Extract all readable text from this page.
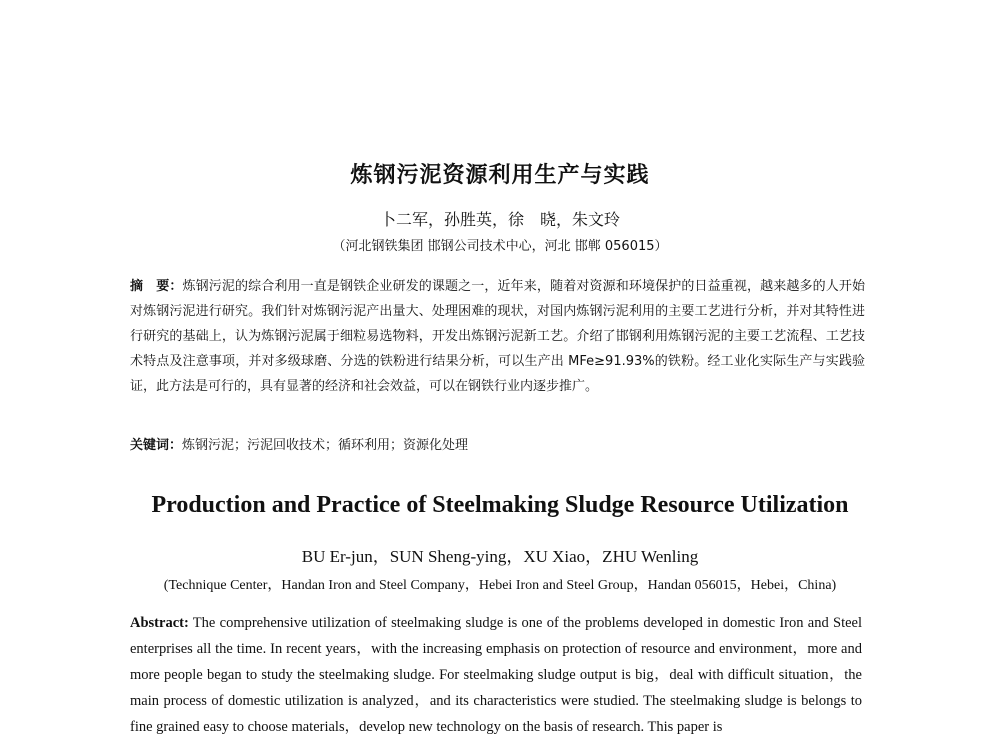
炼钢污泥资源利用生产与实践
卜二军，孙胜英，徐　晓，朱文玲
（河北钢铁集团 邯钢公司技术中心，河北 邯郸 056015）
摘　要：炼钢污泥的综合利用一直是钢铁企业研发的课题之一，近年来，随着对资源和环境保护的日益重视，越来越多的人开始对炼钢污泥进行研究。我们针对炼钢污泥产出量大、处理困难的现状，对国内炼钢污泥利用的主要工艺进行分析，并对其特性进行研究的基础上，认为炼钢污泥属于细粒易选物料，开发出炼钢污泥新工艺。介绍了邯钢利用炼钢污泥的主要工艺流程、工艺技术特点及注意事项，并对多级球磨、分选的铁粉进行结果分析，可以生产出 MFe≥91.93%的铁粉。经工业化实际生产与实践验证，此方法是可行的，具有显著的经济和社会效益，可以在钢铁行业内逐步推广。
关键词：炼钢污泥；污泥回收技术；循环利用；资源化处理
Production and Practice of Steelmaking Sludge Resource Utilization
BU Er-jun，SUN Sheng-ying，XU Xiao，ZHU Wenling
(Technique Center，Handan Iron and Steel Company，Hebei Iron and Steel Group，Handan 056015，Hebei，China)
Abstract: The comprehensive utilization of steelmaking sludge is one of the problems developed in domestic Iron and Steel enterprises all the time. In recent years，with the increasing emphasis on protection of resource and environment，more and more people began to study the steelmaking sludge. For steelmaking sludge output is big，deal with difficult situation，the main process of domestic utilization is analyzed，and its characteristics were studied. The steelmaking sludge is belongs to fine grained easy to choose materials，develop new technology on the basis of research. This paper is
